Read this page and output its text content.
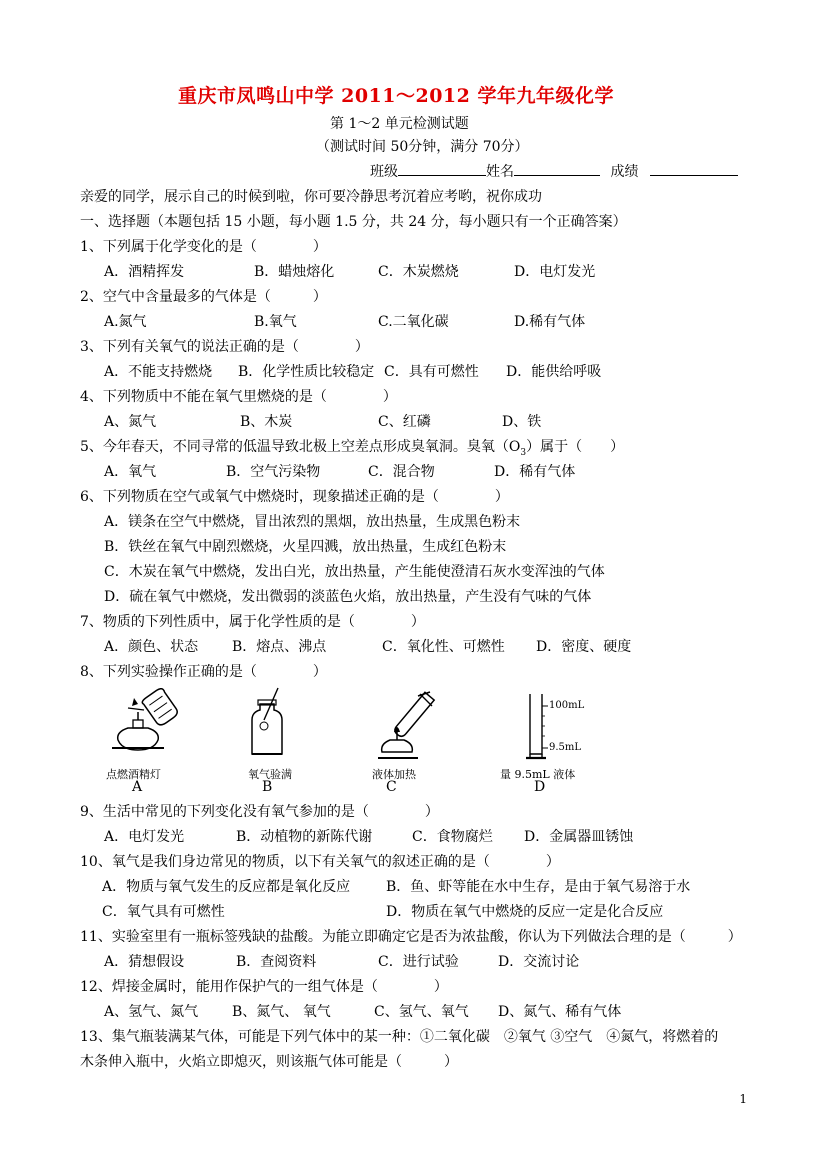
重庆市凤鸣山中学 2011～2012 学年九年级化学
第 1～2 单元检测试题
（测试时间 50分钟，满分 70分）
班级	姓名	成绩
亲爱的同学，展示自己的时候到啦，你可要冷静思考沉着应考哟，祝你成功
一、选择题（本题包括 15 小题，每小题 1.5 分，共 24 分，每小题只有一个正确答案）
1、下列属于化学变化的是（　　　　）
A．酒精挥发	B．蜡烛熔化	C．木炭燃烧	D．电灯发光
2、空气中含量最多的气体是（　　　）
A.氮气	B.氧气	C.二氧化碳	D.稀有气体
3、下列有关氧气的说法正确的是（　　　　）
A．不能支持燃烧 B．化学性质比较稳定 C．具有可燃性 D．能供给呼吸
4、下列物质中不能在氧气里燃烧的是（　　　　）
A、氮气	B、木炭	C、红磷	D、铁
5、今年春天，不同寻常的低温导致北极上空差点形成臭氧洞。臭氧$(O_3)$属于（　　）
A．氧气	B．空气污染物	C．混合物	D．稀有气体
6、下列物质在空气或氧气中燃烧时，现象描述正确的是（　　　　）
A．镁条在空气中燃烧，冒出浓烈的黑烟，放出热量，生成黑色粉末
B．铁丝在氧气中剧烈燃烧，火星四溅，放出热量，生成红色粉末
C．木炭在氧气中燃烧，发出白光，放出热量，产生能使澄清石灰水变浑浊的气体
D．硫在氧气中燃烧，发出微弱的淡蓝色火焰，放出热量，产生没有气味的气体
7、物质的下列性质中，属于化学性质的是（　　　　）
A．颜色、状态 B．熔点、沸点	C．氧化性、可燃性 D．密度、硬度
8、下列实验操作正确的是（　　　　）
点燃酒精灯
A
氧气验满
B
液体加热
C
100mL
9.5mL
量 9.5mL 液体
D
9、生活中常见的下列变化没有氧气参加的是（　　　　）
A．电灯发光	B．动植物的新陈代谢	C．食物腐烂 D．金属器皿锈蚀
10、氧气是我们身边常见的物质，以下有关氧气的叙述正确的是（　　　　）
A．物质与氧气发生的反应都是氧化反应	B．鱼、虾等能在水中生存，是由于氧气易溶于水
C．氧气具有可燃性	D．物质在氧气中燃烧的反应一定是化合反应
11、实验室里有一瓶标签残缺的盐酸。为能立即确定它是否为浓盐酸，你认为下列做法合理的是（　　　）
A．猜想假设	B．查阅资料	C．进行试验	D．交流讨论
12、焊接金属时，能用作保护气的一组气体是（　　　　）
A、氢气、氮气 B、氮气、 氧气	C、氢气、氧气 D、氮气、稀有气体
13、集气瓶装满某气体，可能是下列气体中的某一种：①二氧化碳　②氧气 ③空气　④氮气，将燃着的
木条伸入瓶中，火焰立即熄灭，则该瓶气体可能是（　　　）
1
